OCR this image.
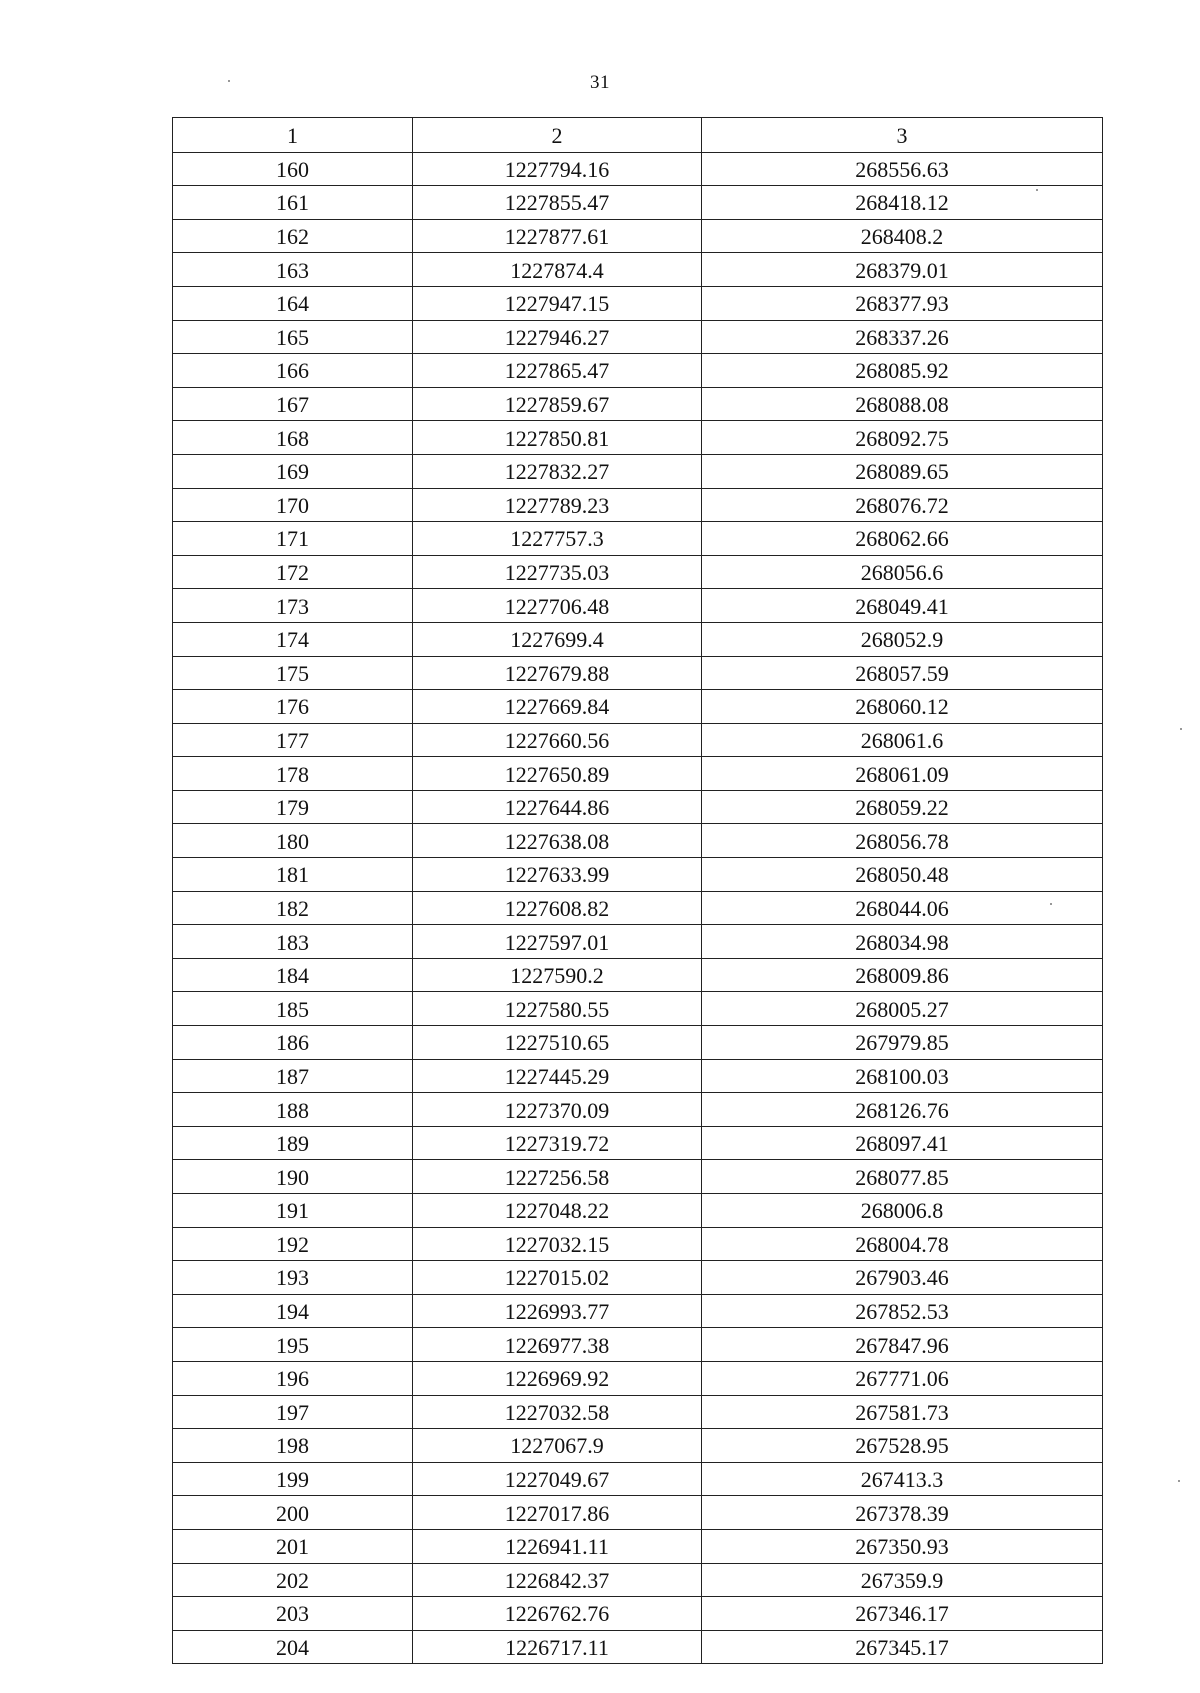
31
1	2	3
160	1227794.16	268556.63
161	1227855.47	268418.12
162	1227877.61	268408.2
163	1227874.4	268379.01
164	1227947.15	268377.93
165	1227946.27	268337.26
166	1227865.47	268085.92
167	1227859.67	268088.08
168	1227850.81	268092.75
169	1227832.27	268089.65
170	1227789.23	268076.72
171	1227757.3	268062.66
172	1227735.03	268056.6
173	1227706.48	268049.41
174	1227699.4	268052.9
175	1227679.88	268057.59
176	1227669.84	268060.12
177	1227660.56	268061.6
178	1227650.89	268061.09
179	1227644.86	268059.22
180	1227638.08	268056.78
181	1227633.99	268050.48
182	1227608.82	268044.06
183	1227597.01	268034.98
184	1227590.2	268009.86
185	1227580.55	268005.27
186	1227510.65	267979.85
187	1227445.29	268100.03
188	1227370.09	268126.76
189	1227319.72	268097.41
190	1227256.58	268077.85
191	1227048.22	268006.8
192	1227032.15	268004.78
193	1227015.02	267903.46
194	1226993.77	267852.53
195	1226977.38	267847.96
196	1226969.92	267771.06
197	1227032.58	267581.73
198	1227067.9	267528.95
199	1227049.67	267413.3
200	1227017.86	267378.39
201	1226941.11	267350.93
202	1226842.37	267359.9
203	1226762.76	267346.17
204	1226717.11	267345.17
